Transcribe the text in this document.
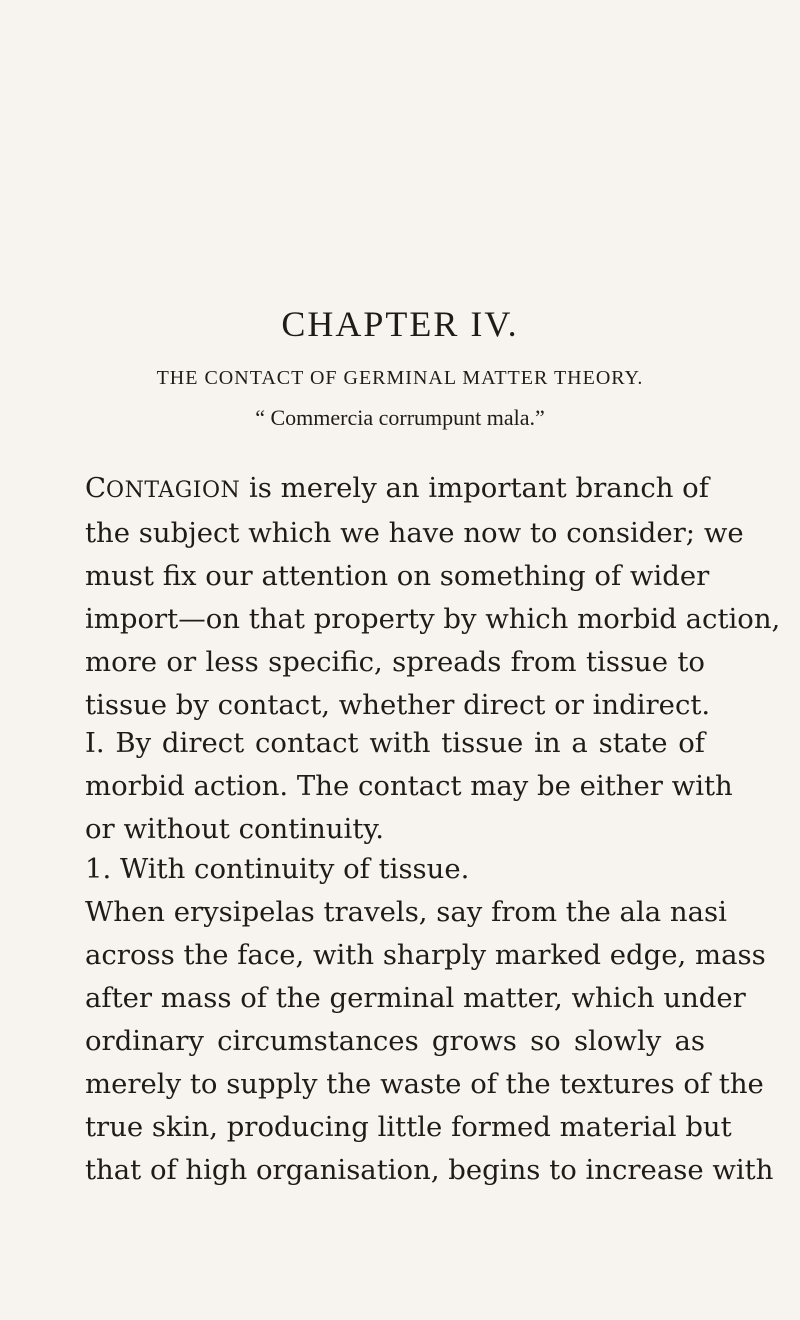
CHAPTER IV.
THE CONTACT OF GERMINAL MATTER THEORY.
“ Commercia corrumpunt mala.”
CONTAGION is merely an important branch of
the subject which we have now to consider; we
must fix our attention on something of wider
import—on that property by which morbid action,
more or less specific, spreads from tissue to
tissue by contact, whether direct or indirect.
I. By direct contact with tissue in a state of
morbid action. The contact may be either with
or without continuity.
1. With continuity of tissue.
When erysipelas travels, say from the ala nasi
across the face, with sharply marked edge, mass
after mass of the germinal matter, which under
ordinary circumstances grows so slowly as
merely to supply the waste of the textures of the
true skin, producing little formed material but
that of high organisation, begins to increase with
